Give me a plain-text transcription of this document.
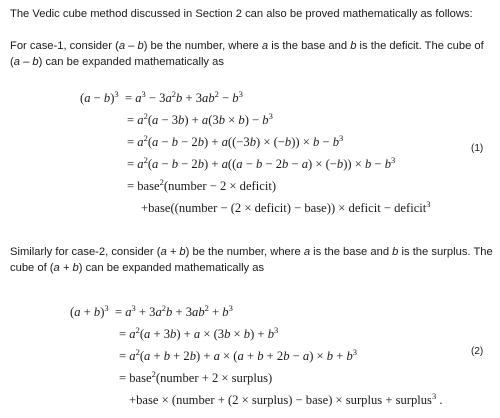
The Vedic cube method discussed in Section 2 can also be proved mathematically as follows:
For case-1, consider (a – b) be the number, where a is the base and b is the deficit. The cube of (a – b) can be expanded mathematically as
$(a - b)^3 = a^3 - 3a^2b + 3ab^2 - b^3$
= $a^2(a - 3b) + a(3b \times b) - b^3$
= $a^2(a - b - 2b) + a((-3b) \times (-b)) \times b - b^3$
= $a^2(a - b - 2b) + a((a - b - 2b - a) \times (-b)) \times b - b^3$
= base$^2$(number − 2 × deficit)
+base((number − (2 × deficit) − base)) × deficit − deficit$^3$
(1)
Similarly for case-2, consider (a + b) be the number, where a is the base and b is the surplus. The cube of (a + b) can be expanded mathematically as
$(a + b)^3 = a^3 + 3a^2b + 3ab^2 + b^3$
= $a^2(a + 3b) + a \times (3b \times b) + b^3$
= $a^2(a + b + 2b) + a \times (a + b + 2b - a) \times b + b^3$
= base$^2$(number + 2 × surplus)
+base × (number + (2 × surplus) − base) × surplus + surplus$^3$ .
(2)
